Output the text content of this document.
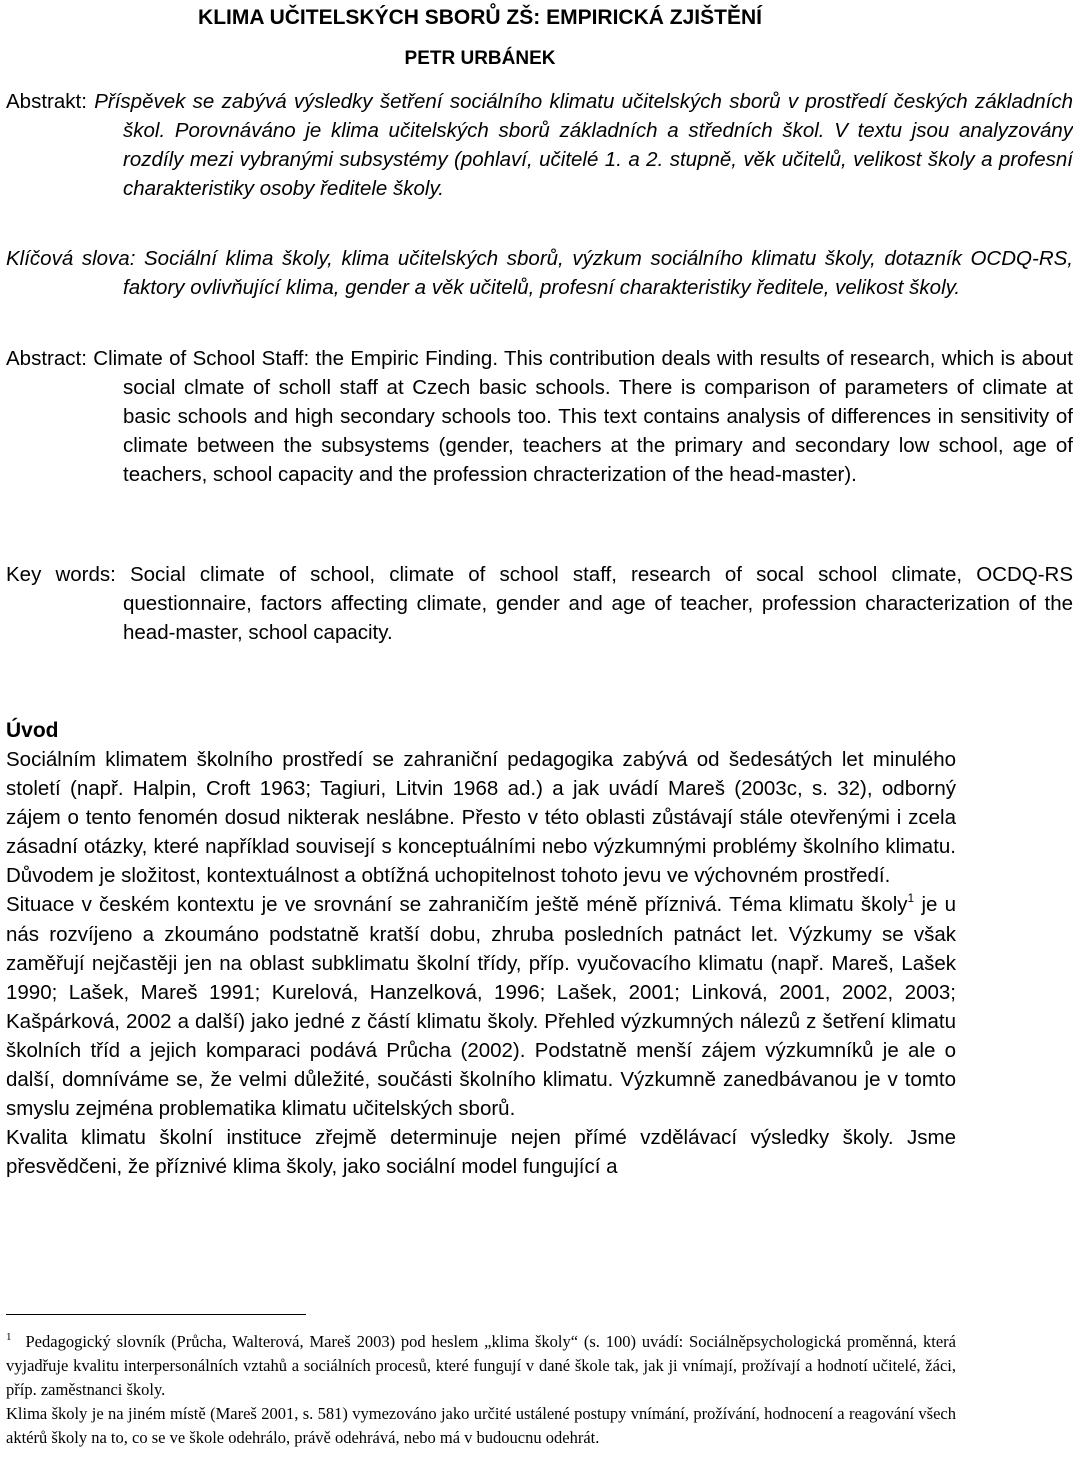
KLIMA UČITELSKÝCH SBORŮ ZŠ: EMPIRICKÁ ZJIŠTĚNÍ
PETR URBÁNEK
Abstrakt: Příspěvek se zabývá výsledky šetření sociálního klimatu učitelských sborů v prostředí českých základních škol. Porovnáváno je klima učitelských sborů základních a středních škol. V textu jsou analyzovány rozdíly mezi vybranými subsystémy (pohlaví, učitelé 1. a 2. stupně, věk učitelů, velikost školy a profesní charakteristiky osoby ředitele školy.
Klíčová slova: Sociální klima školy, klima učitelských sborů, výzkum sociálního klimatu školy, dotazník OCDQ-RS, faktory ovlivňující klima, gender a věk učitelů, profesní charakteristiky ředitele, velikost školy.
Abstract: Climate of School Staff: the Empiric Finding. This contribution deals with results of research, which is about social clmate of scholl staff at Czech basic schools. There is comparison of parameters of climate at basic schools and high secondary schools too. This text contains analysis of differences in sensitivity of climate between the subsystems (gender, teachers at the primary and secondary low school, age of teachers, school capacity and the profession chracterization of the head-master).
Key words: Social climate of school, climate of school staff, research of socal school climate, OCDQ-RS questionnaire, factors affecting climate, gender and age of teacher, profession characterization of the head-master, school capacity.
Úvod

Sociálním klimatem školního prostředí se zahraniční pedagogika zabývá od šedesátých let minulého století (např. Halpin, Croft 1963; Tagiuri, Litvin 1968 ad.) a jak uvádí Mareš (2003c, s. 32), odborný zájem o tento fenomén dosud nikterak neslábne. Přesto v této oblasti zůstávají stále otevřenými i zcela zásadní otázky, které například souvisejí s konceptuálními nebo výzkumnými problémy školního klimatu. Důvodem je složitost, kontextuálnost a obtížná uchopitelnost tohoto jevu ve výchovném prostředí.

Situace v českém kontextu je ve srovnání se zahraničím ještě méně příznivá. Téma klimatu školy$^1$ je u nás rozvíjeno a zkoumáno podstatně kratší dobu, zhruba posledních patnáct let. Výzkumy se však zaměřují nejčastěji jen na oblast subklimatu školní třídy, příp. vyučovacího klimatu (např. Mareš, Lašek 1990; Lašek, Mareš 1991; Kurelová, Hanzelková, 1996; Lašek, 2001; Linková, 2001, 2002, 2003; Kašpárková, 2002 a další) jako jedné z částí klimatu školy. Přehled výzkumných nálezů z šetření klimatu školních tříd a jejich komparaci podává Průcha (2002). Podstatně menší zájem výzkumníků je ale o další, domníváme se, že velmi důležité, součásti školního klimatu. Výzkumně zanedbávanou je v tomto smyslu zejména problematika klimatu učitelských sborů.

Kvalita klimatu školní instituce zřejmě determinuje nejen přímé vzdělávací výsledky školy. Jsme přesvědčeni, že příznivé klima školy, jako sociální model fungující a

$^1$ Pedagogický slovník (Průcha, Walterová, Mareš 2003) pod heslem „klima školy“ (s. 100) uvádí: Sociálněpsychologická proměnná, která vyjadřuje kvalitu interpersonálních vztahů a sociálních procesů, které fungují v dané škole tak, jak ji vnímají, prožívají a hodnotí učitelé, žáci, příp. zaměstnanci školy.

Klima školy je na jiném místě (Mareš 2001, s. 581) vymezováno jako určité ustálené postupy vnímání, prožívání, hodnocení a reagování všech aktérů školy na to, co se ve škole odehrálo, právě odehrává, nebo má v budoucnu odehrát.
